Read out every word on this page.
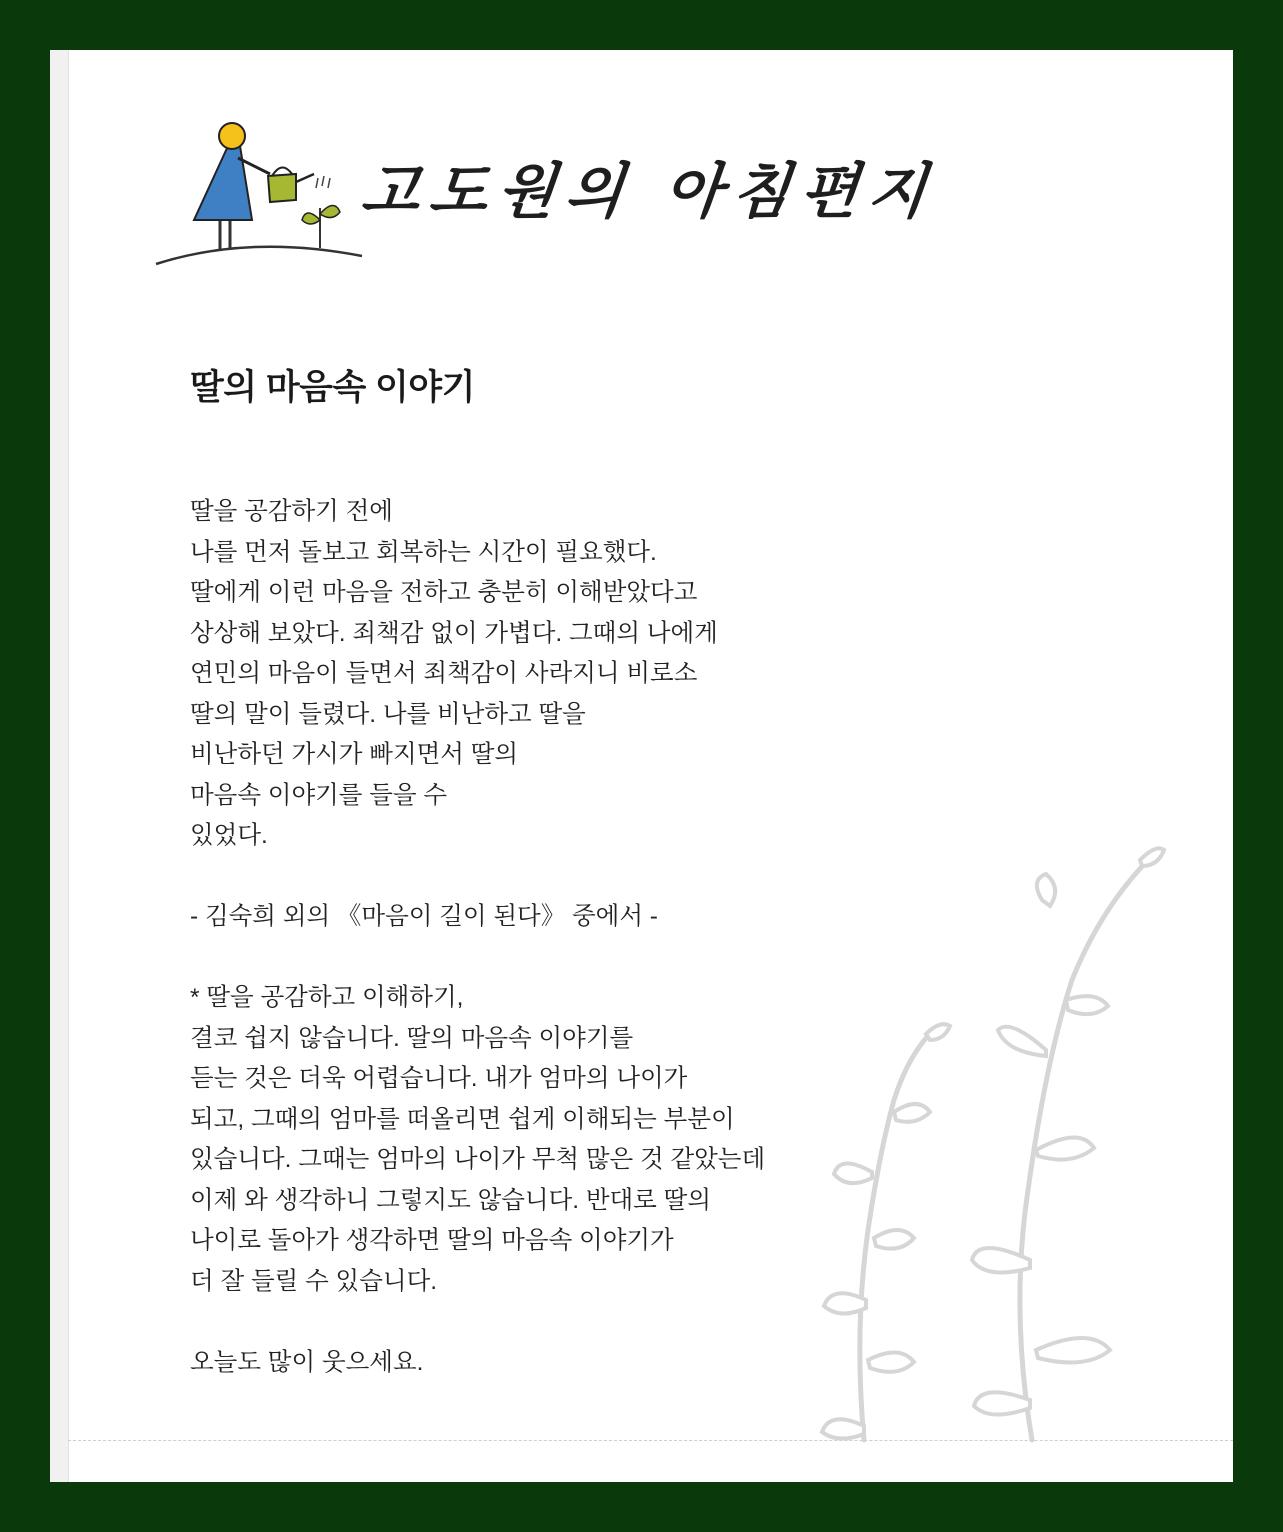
고도원의 아침편지
딸의 마음속 이야기
딸을 공감하기 전에
나를 먼저 돌보고 회복하는 시간이 필요했다.
딸에게 이런 마음을 전하고 충분히 이해받았다고
상상해 보았다. 죄책감 없이 가볍다. 그때의 나에게
연민의 마음이 들면서 죄책감이 사라지니 비로소
딸의 말이 들렸다. 나를 비난하고 딸을
비난하던 가시가 빠지면서 딸의
마음속 이야기를 들을 수
있었다.
- 김숙희 외의 《마음이 길이 된다》 중에서 -
* 딸을 공감하고 이해하기,
결코 쉽지 않습니다. 딸의 마음속 이야기를
듣는 것은 더욱 어렵습니다. 내가 엄마의 나이가
되고, 그때의 엄마를 떠올리면 쉽게 이해되는 부분이
있습니다. 그때는 엄마의 나이가 무척 많은 것 같았는데
이제 와 생각하니 그렇지도 않습니다. 반대로 딸의
나이로 돌아가 생각하면 딸의 마음속 이야기가
더 잘 들릴 수 있습니다.
오늘도 많이 웃으세요.
